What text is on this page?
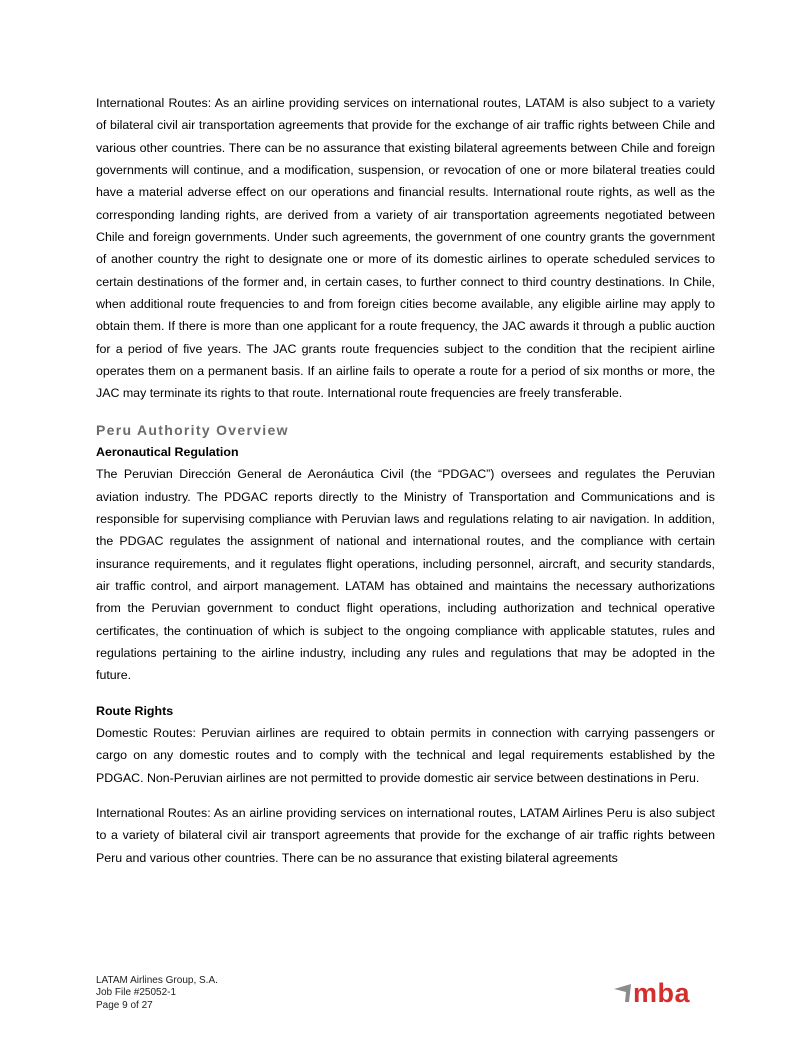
International Routes: As an airline providing services on international routes, LATAM is also subject to a variety of bilateral civil air transportation agreements that provide for the exchange of air traffic rights between Chile and various other countries. There can be no assurance that existing bilateral agreements between Chile and foreign governments will continue, and a modification, suspension, or revocation of one or more bilateral treaties could have a material adverse effect on our operations and financial results. International route rights, as well as the corresponding landing rights, are derived from a variety of air transportation agreements negotiated between Chile and foreign governments. Under such agreements, the government of one country grants the government of another country the right to designate one or more of its domestic airlines to operate scheduled services to certain destinations of the former and, in certain cases, to further connect to third country destinations. In Chile, when additional route frequencies to and from foreign cities become available, any eligible airline may apply to obtain them. If there is more than one applicant for a route frequency, the JAC awards it through a public auction for a period of five years. The JAC grants route frequencies subject to the condition that the recipient airline operates them on a permanent basis. If an airline fails to operate a route for a period of six months or more, the JAC may terminate its rights to that route. International route frequencies are freely transferable.

Peru Authority Overview
Aeronautical Regulation

The Peruvian Dirección General de Aeronáutica Civil (the “PDGAC”) oversees and regulates the Peruvian aviation industry. The PDGAC reports directly to the Ministry of Transportation and Communications and is responsible for supervising compliance with Peruvian laws and regulations relating to air navigation. In addition, the PDGAC regulates the assignment of national and international routes, and the compliance with certain insurance requirements, and it regulates flight operations, including personnel, aircraft, and security standards, air traffic control, and airport management. LATAM has obtained and maintains the necessary authorizations from the Peruvian government to conduct flight operations, including authorization and technical operative certificates, the continuation of which is subject to the ongoing compliance with applicable statutes, rules and regulations pertaining to the airline industry, including any rules and regulations that may be adopted in the future.

Route Rights

Domestic Routes: Peruvian airlines are required to obtain permits in connection with carrying passengers or cargo on any domestic routes and to comply with the technical and legal requirements established by the PDGAC. Non-Peruvian airlines are not permitted to provide domestic air service between destinations in Peru.

International Routes: As an airline providing services on international routes, LATAM Airlines Peru is also subject to a variety of bilateral civil air transport agreements that provide for the exchange of air traffic rights between Peru and various other countries. There can be no assurance that existing bilateral agreements

LATAM Airlines Group, S.A.
Job File #25052-1
Page 9 of 27	mba
